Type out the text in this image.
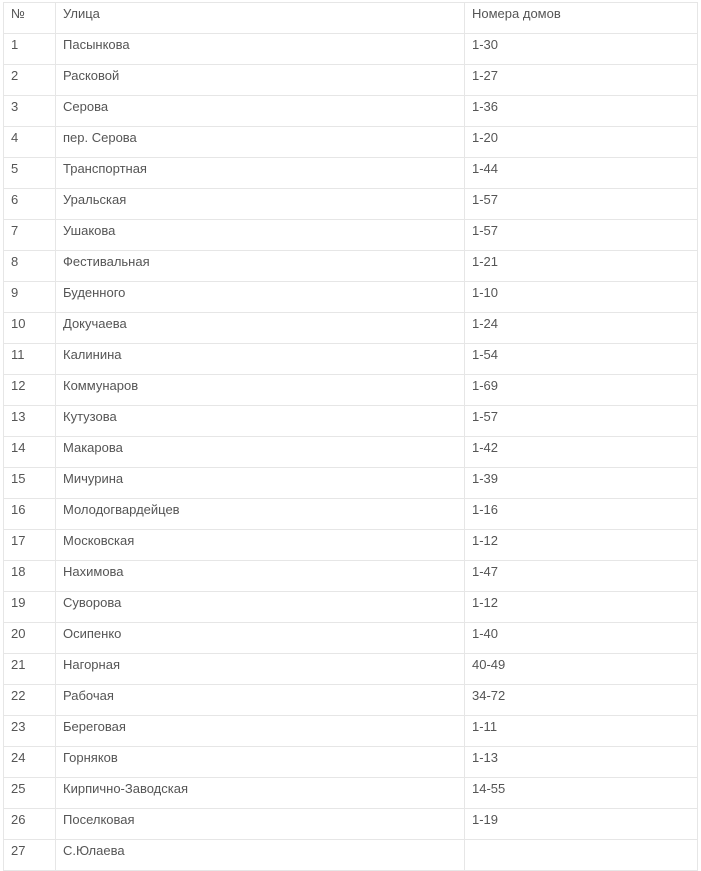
№	Улица	Номера домов
1	Пасынкова	1-30
2	Расковой	1-27
3	Серова	1-36
4	пер. Серова	1-20
5	Транспортная	1-44
6	Уральская	1-57
7	Ушакова	1-57
8	Фестивальная	1-21
9	Буденного	1-10
10	Докучаева	1-24
11	Калинина	1-54
12	Коммунаров	1-69
13	Кутузова	1-57
14	Макарова	1-42
15	Мичурина	1-39
16	Молодогвардейцев	1-16
17	Московская	1-12
18	Нахимова	1-47
19	Суворова	1-12
20	Осипенко	1-40
21	Нагорная	40-49
22	Рабочая	34-72
23	Береговая	1-11
24	Горняков	1-13
25	Кирпично-Заводская	14-55
26	Поселковая	1-19
27	С.Юлаева	
